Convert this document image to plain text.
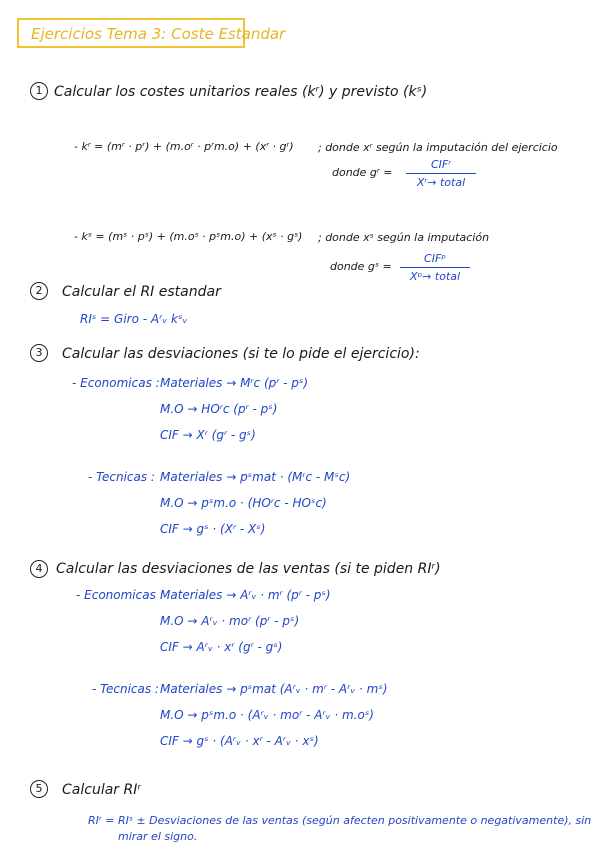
Ejercicios Tema 3: Coste Estandar
1 Calcular los costes unitarios reales (kʳ) y previsto (kˢ)
- kʳ = (mʳ · pʳ) + (m.oʳ · pʳm.o) + (xʳ · gʳ) ; donde xʳ según la imputación del ejercicio
donde gʳ =
CIFʳ
Xʳ→ total
- kˢ = (mˢ · pˢ) + (m.oˢ · pˢm.o) + (xˢ · gˢ) ; donde xˢ según la imputación
donde gˢ =
CIFᵖ
Xᵖ→ total
2	Calcular el RI estandar
RIˢ = Giro - Aʳᵥ kˢᵥ
3	Calcular las desviaciones (si te lo pide el ejercicio):
- Economicas : Materiales → Mʳc (pʳ - pˢ)
M.O → HOʳc (pʳ - pˢ)
CIF → Xʳ (gʳ - gˢ)
- Tecnicas : Materiales → pˢmat · (Mʳc - Mˢc)
M.O → pˢm.o · (HOʳc - HOˢc)
CIF → gˢ · (Xʳ - Xˢ)
4 Calcular las desviaciones de las ventas (si te piden RIʳ)
- Economicas :
Materiales → Aʳᵥ · mʳ (pʳ - pˢ)
M.O → Aʳᵥ · moʳ (pʳ - pˢ)
CIF → Aʳᵥ · xʳ (gʳ - gˢ)
- Tecnicas : Materiales → pˢmat (Aʳᵥ · mʳ - Aʳᵥ · mˢ)
M.O → pˢm.o · (Aʳᵥ · moʳ - Aʳᵥ · m.oˢ)
CIF → gˢ · (Aʳᵥ · xʳ - Aʳᵥ · xˢ)
5	Calcular RIʳ
RIʳ = RIˢ ± Desviaciones de las ventas (según afecten positivamente o negativamente), sin
mirar el signo.
